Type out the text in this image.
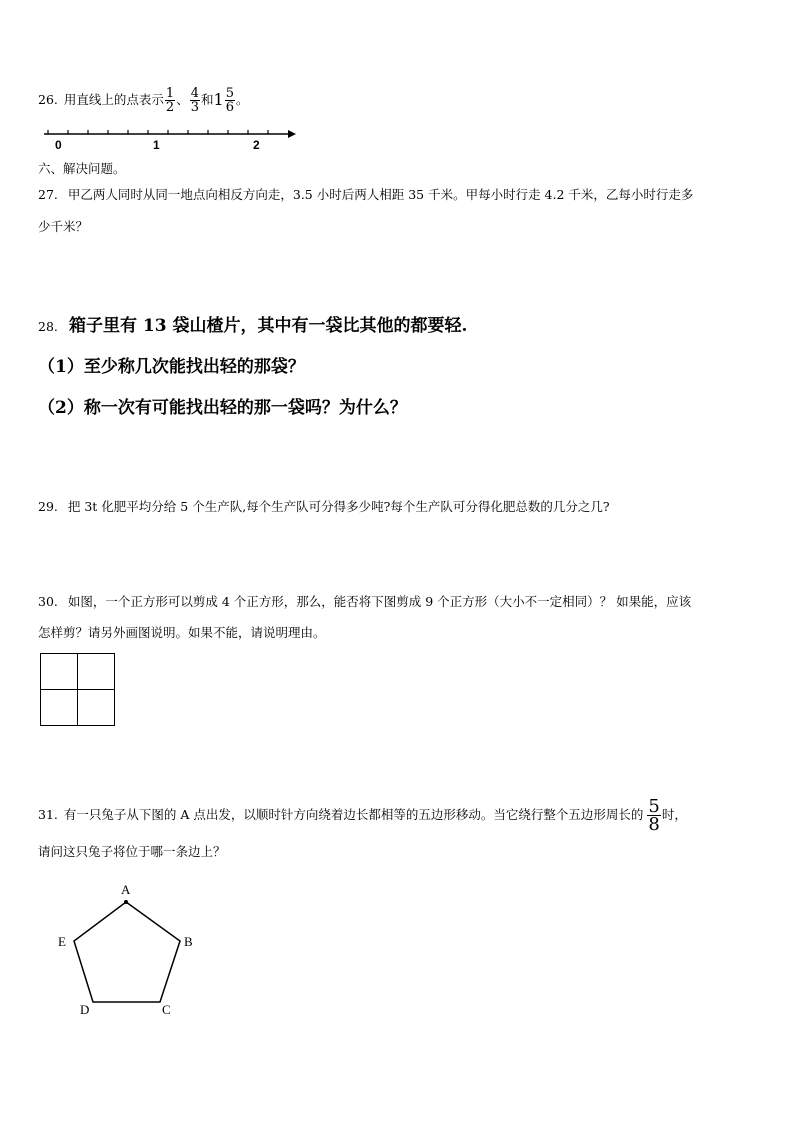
26. 用直线上的点表示 $\frac{1}{2}$ 、 $\frac{4}{3}$ 和 $1 \frac{5}{6}$ 。
0	1	2
六、解决问题。
27. 甲乙两人同时从同一地点向相反方向走，3.5 小时后两人相距 35 千米。甲每小时行走 4.2 千米，乙每小时行走多
少千米？
28. 箱子里有 13 袋山楂片，其中有一袋比其他的都要轻.
（1）至少称几次能找出轻的那袋？
（2）称一次有可能找出轻的那一袋吗？为什么？
29. 把 3t 化肥平均分给 5 个生产队,每个生产队可分得多少吨?每个生产队可分得化肥总数的几分之几?
30. 如图，一个正方形可以剪成 4 个正方形，那么，能否将下图剪成 9 个正方形（大小不一定相同）？ 如果能，应该
怎样剪？请另外画图说明。如果不能，请说明理由。
31. 有一只兔子从下图的 A 点出发，以顺时针方向绕着边长都相等的五边形移动。当它绕行整个五边形周长的 $\frac{5}{8}$ 时，
请问这只兔子将位于哪一条边上？
A
B
C
D
E
